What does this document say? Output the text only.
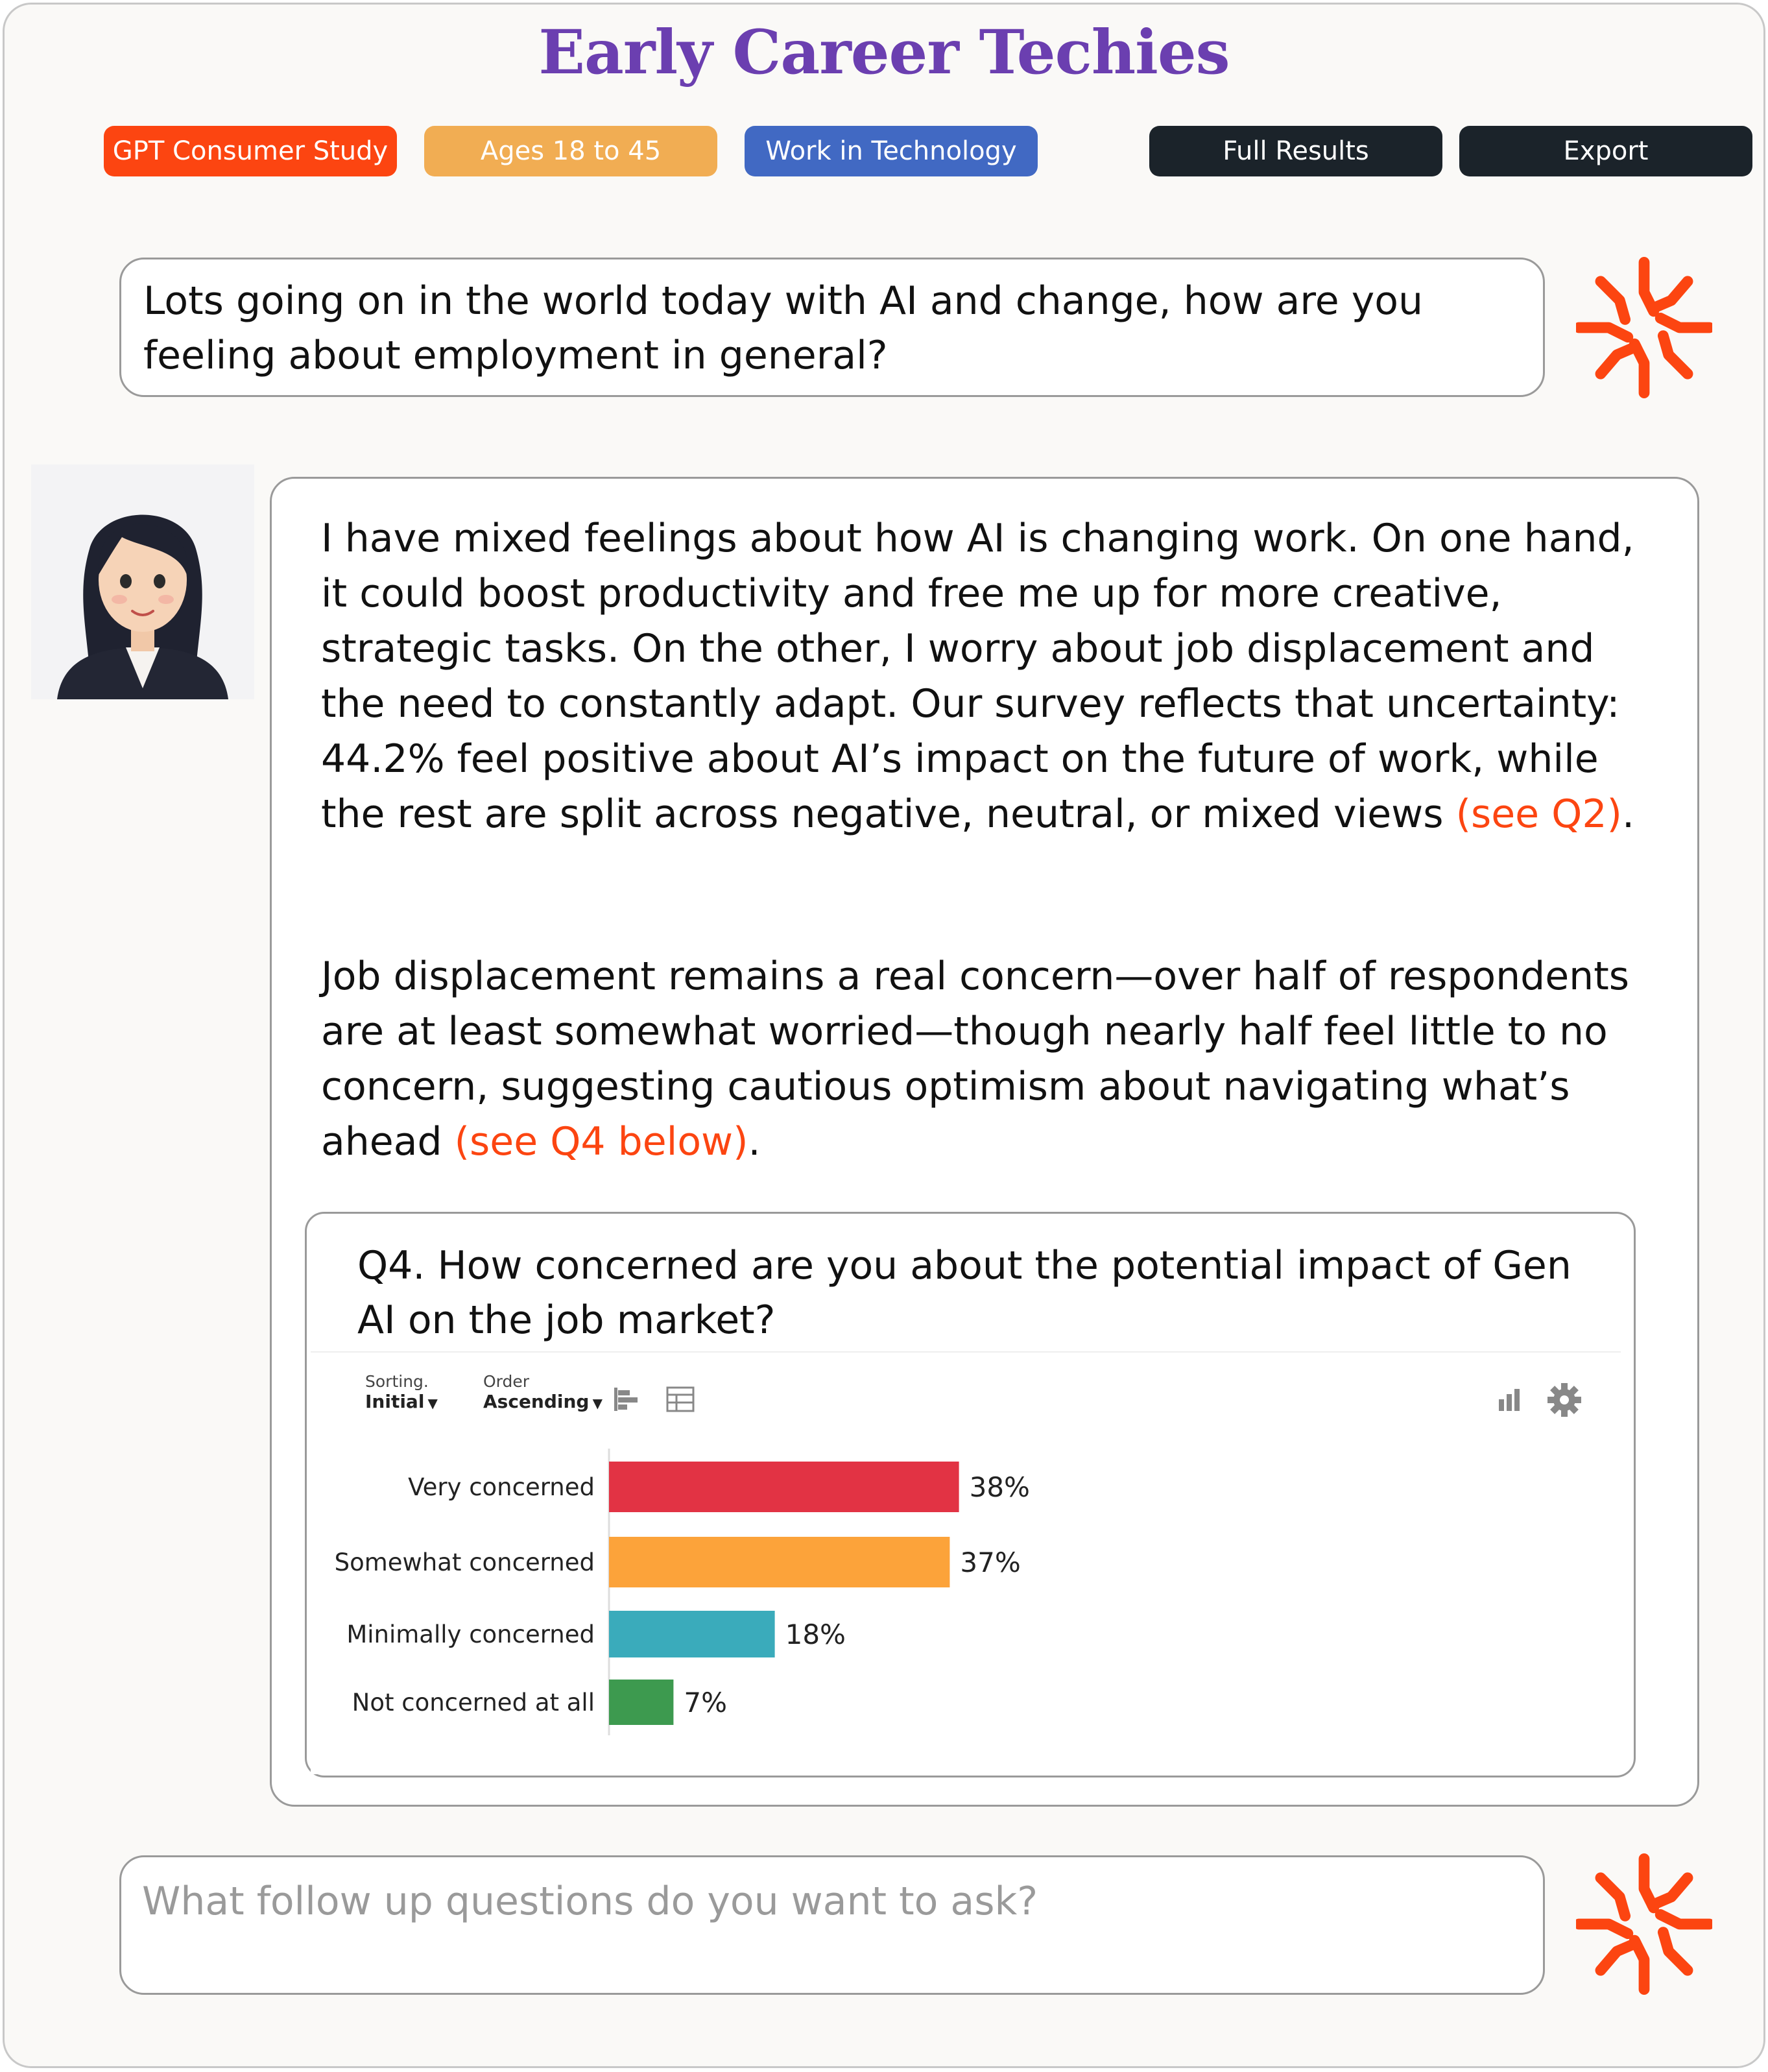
Early Career Techies
GPT Consumer Study	Ages 18 to 45	Work in Technology	Full Results	Export
Lots going on in the world today with AI and change, how are you feeling about employment in general?
I have mixed feelings about how AI is changing work. On one hand, it could boost productivity and free me up for more creative, strategic tasks. On the other, I worry about job displacement and the need to constantly adapt. Our survey reflects that uncertainty: 44.2% feel positive about AI’s impact on the future of work, while the rest are split across negative, neutral, or mixed views (see Q2).
Job displacement remains a real concern—over half of respondents are at least somewhat worried—though nearly half feel little to no concern, suggesting cautious optimism about navigating what’s ahead (see Q4 below).
Q4. How concerned are you about the potential impact of Gen AI on the job market?
Sorting.
Initial ▼
Order
Ascending ▼
Very concerned	38%
Somewhat concerned	37%
Minimally concerned	18%
Not concerned at all	7%
What follow up questions do you want to ask?
